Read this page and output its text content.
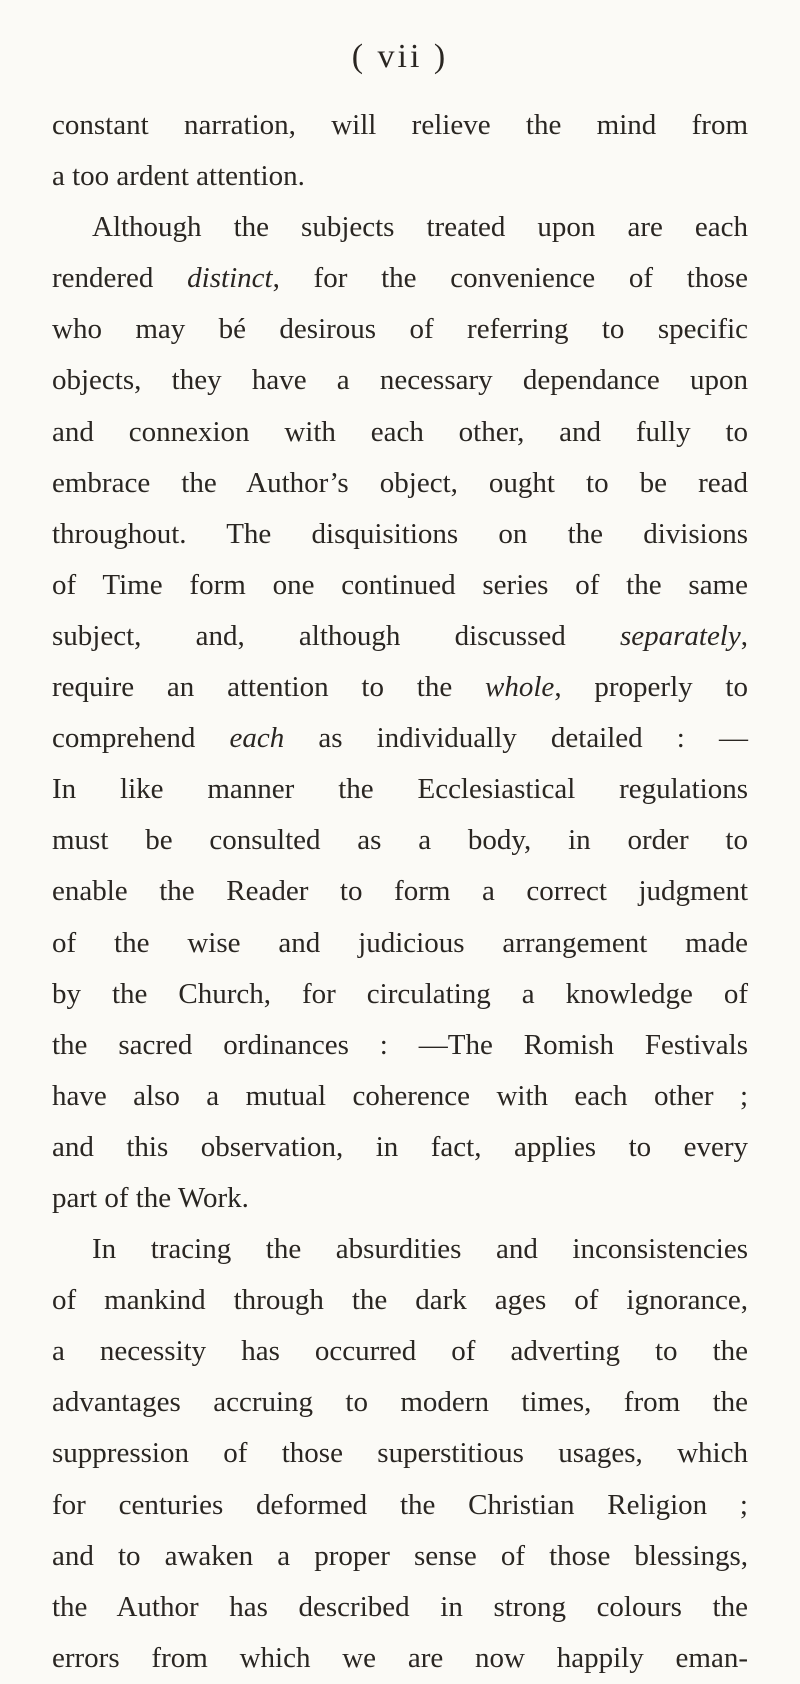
( vii )
constant narration, will relieve the mind from
a too ardent attention.
Although the subjects treated upon are each
rendered distinct, for the convenience of those
who may bé desirous of referring to specific
objects, they have a necessary dependance upon
and connexion with each other, and fully to
embrace the Author’s object, ought to be read
throughout. The disquisitions on the divisions
of Time form one continued series of the same
subject, and, although discussed separately,
require an attention to the whole, properly to
comprehend each as individually detailed : —
In like manner the Ecclesiastical regulations
must be consulted as a body, in order to
enable the Reader to form a correct judgment
of the wise and judicious arrangement made
by the Church, for circulating a knowledge of
the sacred ordinances : —The Romish Festivals
have also a mutual coherence with each other ;
and this observation, in fact, applies to every
part of the Work.
In tracing the absurdities and inconsistencies
of mankind through the dark ages of ignorance,
a necessity has occurred of adverting to the
advantages accruing to modern times, from the
suppression of those superstitious usages, which
for centuries deformed the Christian Religion ;
and to awaken a proper sense of those blessings,
the Author has described in strong colours the
errors from which we are now happily eman-
